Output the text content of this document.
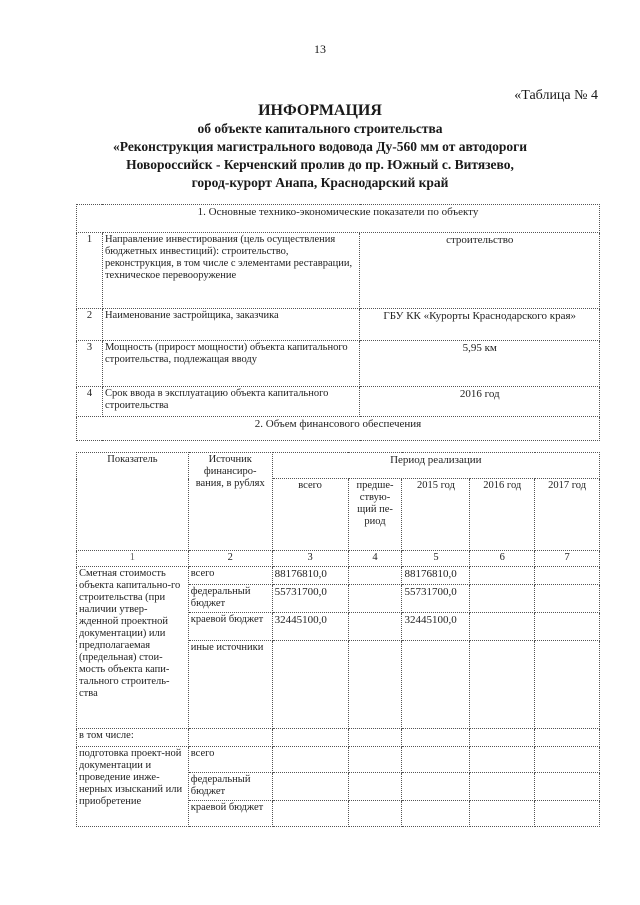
13
«Таблица № 4
ИНФОРМАЦИЯ
об объекте капитального строительства
«Реконструкция магистрального водовода Ду-560 мм от автодороги
Новороссийск - Керченский пролив до пр. Южный с. Витязево,
город-курорт Анапа, Краснодарский край
1. Основные технико-экономические показатели по объекту		
1	Направление инвестирования (цель осуществления бюджетных инвестиций): строительство, реконструкция, в том числе с элементами реставрации, техническое перевооружение	строительство
2	Наименование застройщика, заказчика	ГБУ КК «Курорты Краснодарского края»
3	Мощность (прирост мощности) объекта капитального строительства, подлежащая вводу	5,95 км
4	Срок ввода в эксплуатацию объекта капитального строительства	2016 год
2. Объем финансового обеспечения		
Показатель	Источник финансиро-вания, в рублях	Период реализации				
		всего	предше-ствую-щий пе-риод	2015 год	2016 год	2017 год
1	2	3	4	5	6	7
Сметная стоимость объекта капитально-го строительства (при наличии утвер-жденной проектной документации) или предполагаемая (предельная) стои-мость объекта капи-тального строитель-ства	всего	88176810,0		88176810,0		
	федеральный бюджет	55731700,0		55731700,0		
	краевой бюджет	32445100,0		32445100,0		
	иные источники					
в том числе:						
подготовка проект-ной документации и проведение инже-нерных изысканий или приобретение	всего					
	федеральный бюджет					
	краевой бюджет					
